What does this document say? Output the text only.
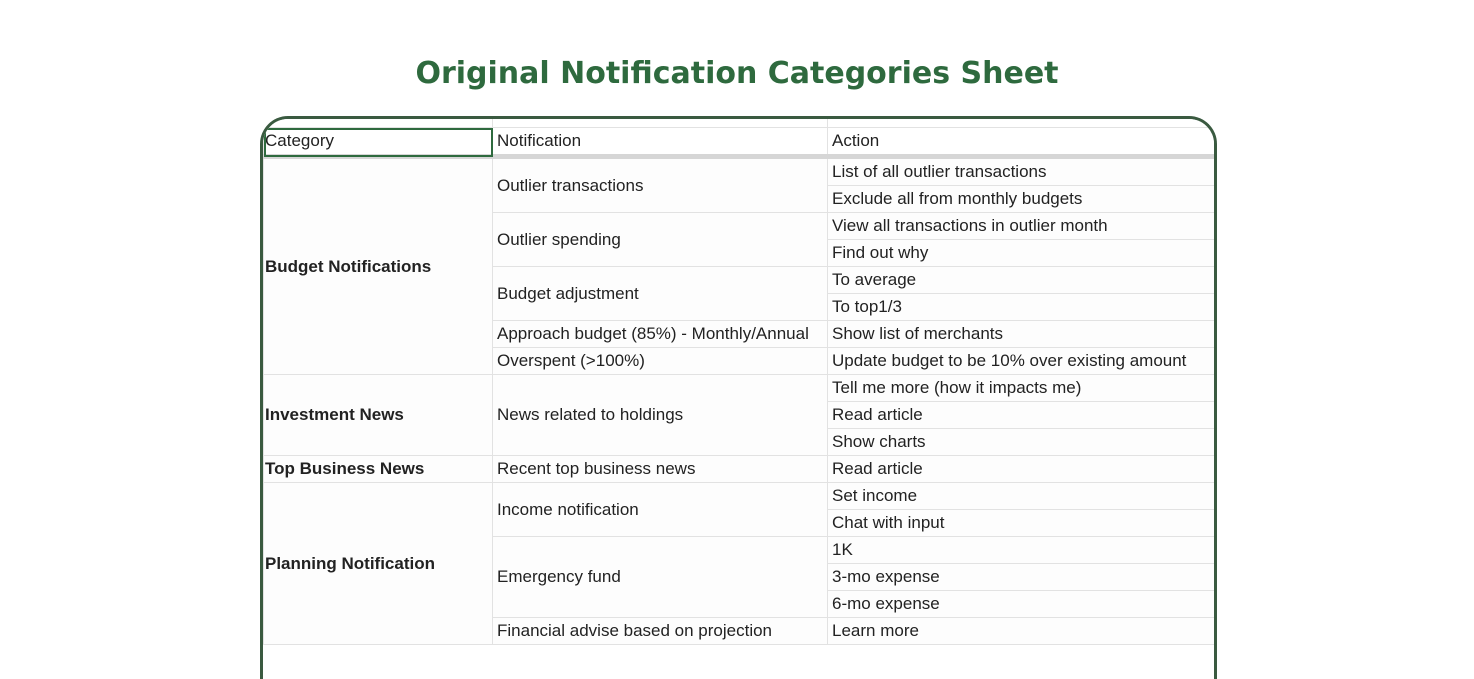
Original Notification Categories Sheet

Category	Notification	Action
Budget Notifications	Outlier transactions	List of all outlier transactions
		Exclude all from monthly budgets
	Outlier spending	View all transactions in outlier month
		Find out why
	Budget adjustment	To average
		To top1/3
	Approach budget (85%) - Monthly/Annual	Show list of merchants
	Overspent (>100%)	Update budget to be 10% over existing amount
Investment News	News related to holdings	Tell me more (how it impacts me)
		Read article
		Show charts
Top Business News	Recent top business news	Read article
Planning Notification	Income notification	Set income
		Chat with input
	Emergency fund	1K
		3-mo expense
		6-mo expense
	Financial advise based on projection	Learn more
